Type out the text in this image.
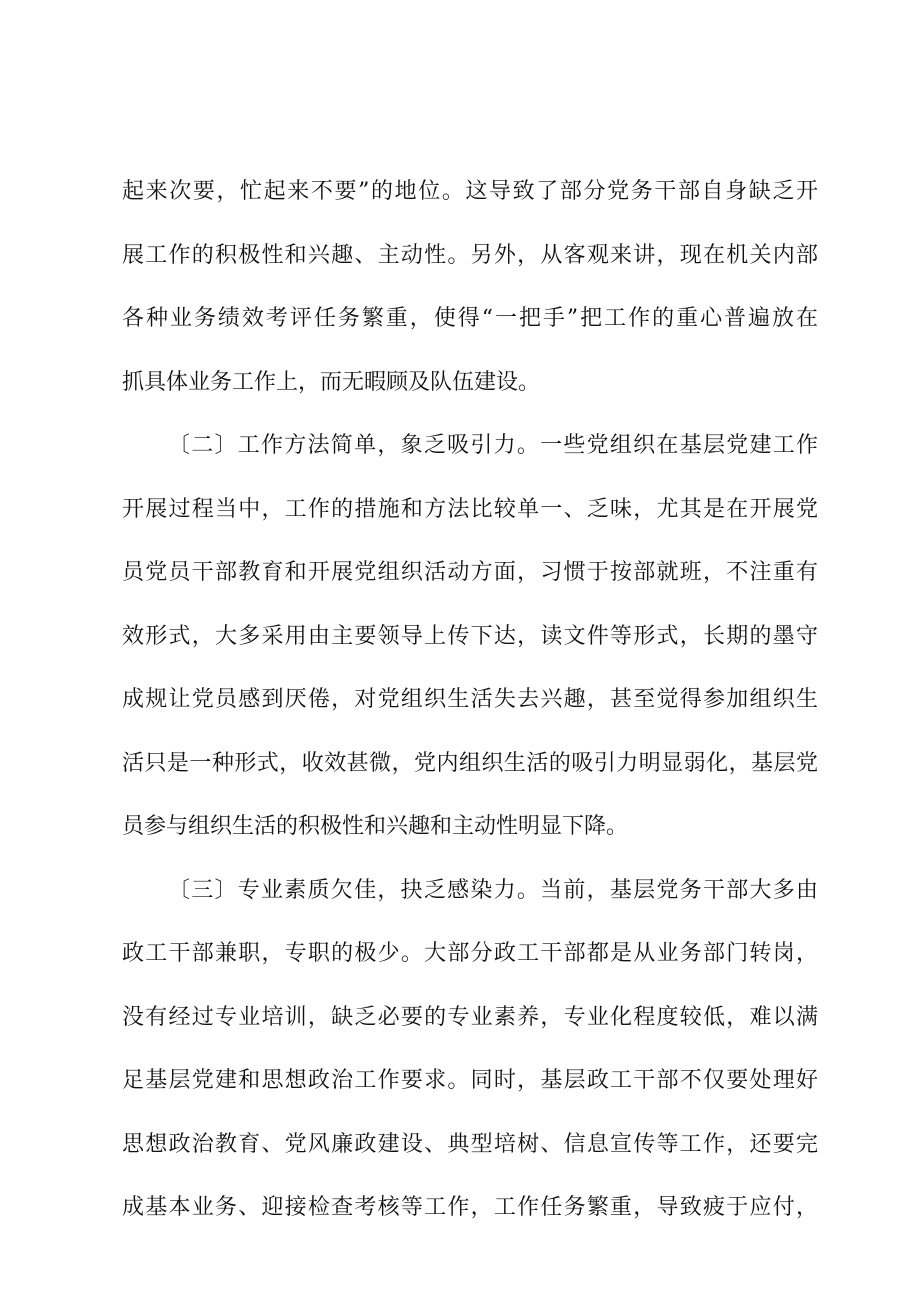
起来次要，忙起来不要”的地位。这导致了部分党务干部自身缺乏开
展工作的积极性和兴趣、主动性。另外，从客观来讲，现在机关内部
各种业务绩效考评任务繁重，使得“一把手”把工作的重心普遍放在
抓具体业务工作上，而无暇顾及队伍建设。
〔二〕工作方法简单，象乏吸引力。一些党组织在基层党建工作
开展过程当中，工作的措施和方法比较单一、乏味，尤其是在开展党
员党员干部教育和开展党组织活动方面，习惯于按部就班，不注重有
效形式，大多采用由主要领导上传下达，读文件等形式，长期的墨守
成规让党员感到厌倦，对党组织生活失去兴趣，甚至觉得参加组织生
活只是一种形式，收效甚微，党内组织生活的吸引力明显弱化，基层党
员参与组织生活的积极性和兴趣和主动性明显下降。
〔三〕专业素质欠佳，抉乏感染力。当前，基层党务干部大多由
政工干部兼职，专职的极少。大部分政工干部都是从业务部门转岗，
没有经过专业培训，缺乏必要的专业素养，专业化程度较低，难以满
足基层党建和思想政治工作要求。同时，基层政工干部不仅要处理好
思想政治教育、党风廉政建设、典型培树、信息宣传等工作，还要完
成基本业务、迎接检查考核等工作，工作任务繁重，导致疲于应付，
